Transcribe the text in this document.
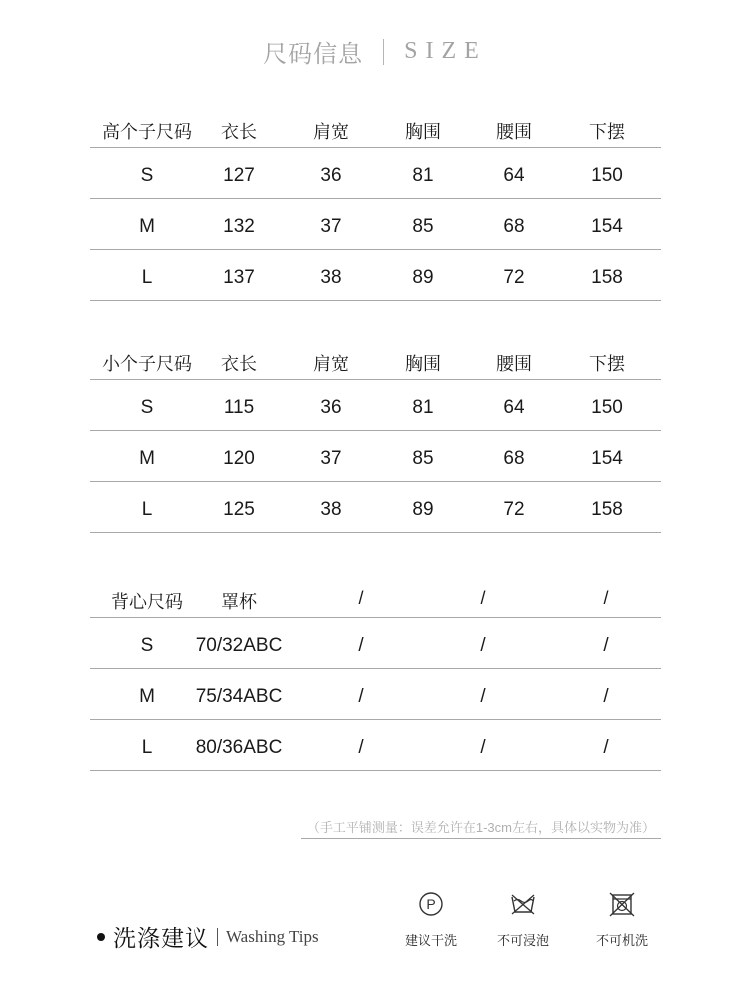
尺码信息 SIZE
高个子尺码 衣长	肩宽	胸围	腰围	下摆
S	127	36	81	64	150
M	132	37	85	68	154
L	137	38	89	72	158
小个子尺码 衣长	肩宽	胸围	腰围	下摆
S	115	36	81	64	150
M	120	37	85	68	154
L	125	38	89	72	158
背心尺码 罩杯	/	/	/
S 70/32ABC	/	/	/
M 75/34ABC	/	/	/
L 80/36ABC	/	/	/
（手工平铺测量：误差允许在1-3cm左右，具体以实物为准）
洗涤建议 Washing Tips
P
建议干洗	不可浸泡	不可机洗
